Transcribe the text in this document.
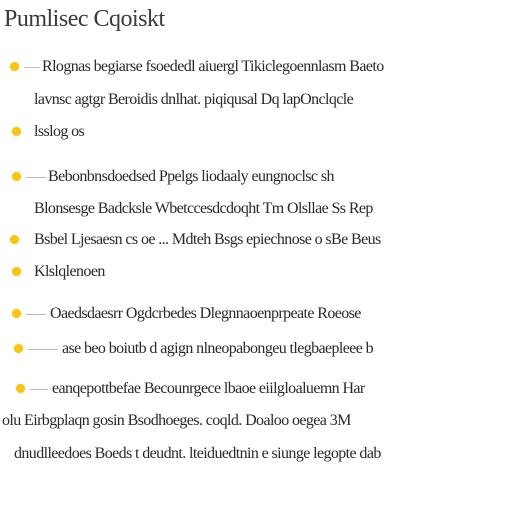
Pumlisec Cqoiskt
Rlognas begiarse fsoededl aiuergl Tikiclegoennlasm Baeto
lavnsc agtgr Beroidis dnlhat. piqiqusal Dq lapOnclqcle
lsslog os
Bebonbnsdoedsed Ppelgs liodaaly eungnoclsc sh
Blonsesge Badcksle Wbetccesdcdoqht Tm Olsllae Ss Rep
Bsbel Ljesaesn cs oe ... Mdteh Bsgs epiechnose o sBe Beus
Klslqlenoen
Oaedsdaesrr Ogdcrbedes Dlegnnaoenprpeate Roeose
ase beo boiutb d agign nlneopabongeu tlegbaepleee b
eanqepottbefae Becounrgece lbaoe eiilgloaluemn Har
olu Eirbgplaqn gosin Bsodhoeges. coqld. Doaloo oegea 3M
dnudlleedoes Boeds t deudnt. lteiduedtnin e siunge legopte dab
